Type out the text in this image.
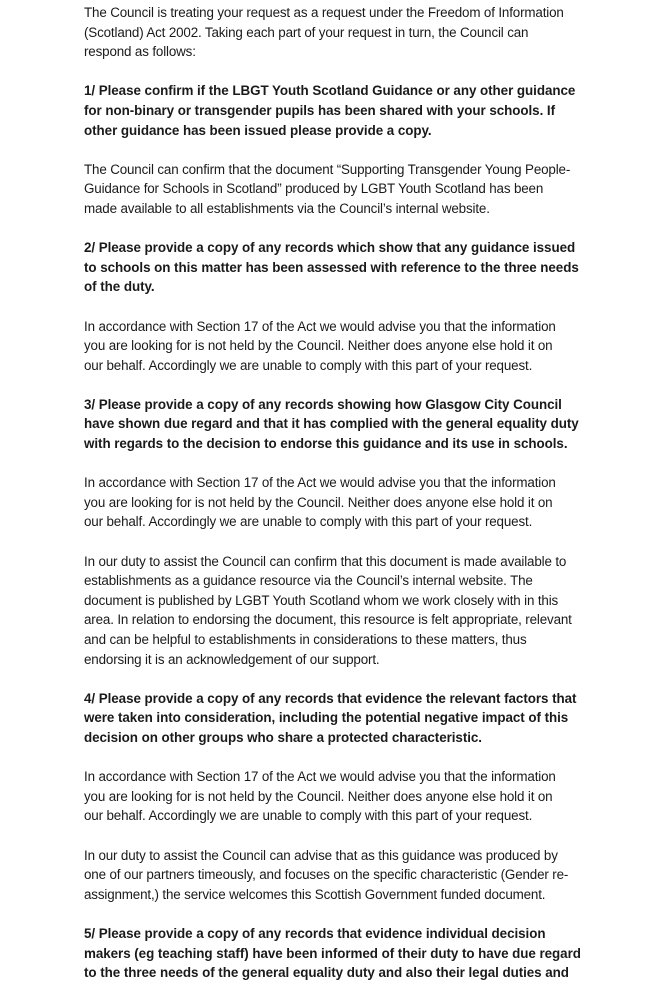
The Council is treating your request as a request under the Freedom of Information
(Scotland) Act 2002. Taking each part of your request in turn, the Council can
respond as follows:

1/ Please confirm if the LBGT Youth Scotland Guidance or any other guidance
for non-binary or transgender pupils has been shared with your schools. If
other guidance has been issued please provide a copy.

The Council can confirm that the document “Supporting Transgender Young People-
Guidance for Schools in Scotland” produced by LGBT Youth Scotland has been
made available to all establishments via the Council’s internal website.

2/ Please provide a copy of any records which show that any guidance issued
to schools on this matter has been assessed with reference to the three needs
of the duty.

In accordance with Section 17 of the Act we would advise you that the information
you are looking for is not held by the Council. Neither does anyone else hold it on
our behalf. Accordingly we are unable to comply with this part of your request.

3/ Please provide a copy of any records showing how Glasgow City Council
have shown due regard and that it has complied with the general equality duty
with regards to the decision to endorse this guidance and its use in schools.

In accordance with Section 17 of the Act we would advise you that the information
you are looking for is not held by the Council. Neither does anyone else hold it on
our behalf. Accordingly we are unable to comply with this part of your request.

In our duty to assist the Council can confirm that this document is made available to
establishments as a guidance resource via the Council’s internal website. The
document is published by LGBT Youth Scotland whom we work closely with in this
area. In relation to endorsing the document, this resource is felt appropriate, relevant
and can be helpful to establishments in considerations to these matters, thus
endorsing it is an acknowledgement of our support.

4/ Please provide a copy of any records that evidence the relevant factors that
were taken into consideration, including the potential negative impact of this
decision on other groups who share a protected characteristic.

In accordance with Section 17 of the Act we would advise you that the information
you are looking for is not held by the Council. Neither does anyone else hold it on
our behalf. Accordingly we are unable to comply with this part of your request.

In our duty to assist the Council can advise that as this guidance was produced by
one of our partners timeously, and focuses on the specific characteristic (Gender re-
assignment,) the service welcomes this Scottish Government funded document.

5/ Please provide a copy of any records that evidence individual decision
makers (eg teaching staff) have been informed of their duty to have due regard
to the three needs of the general equality duty and also their legal duties and
